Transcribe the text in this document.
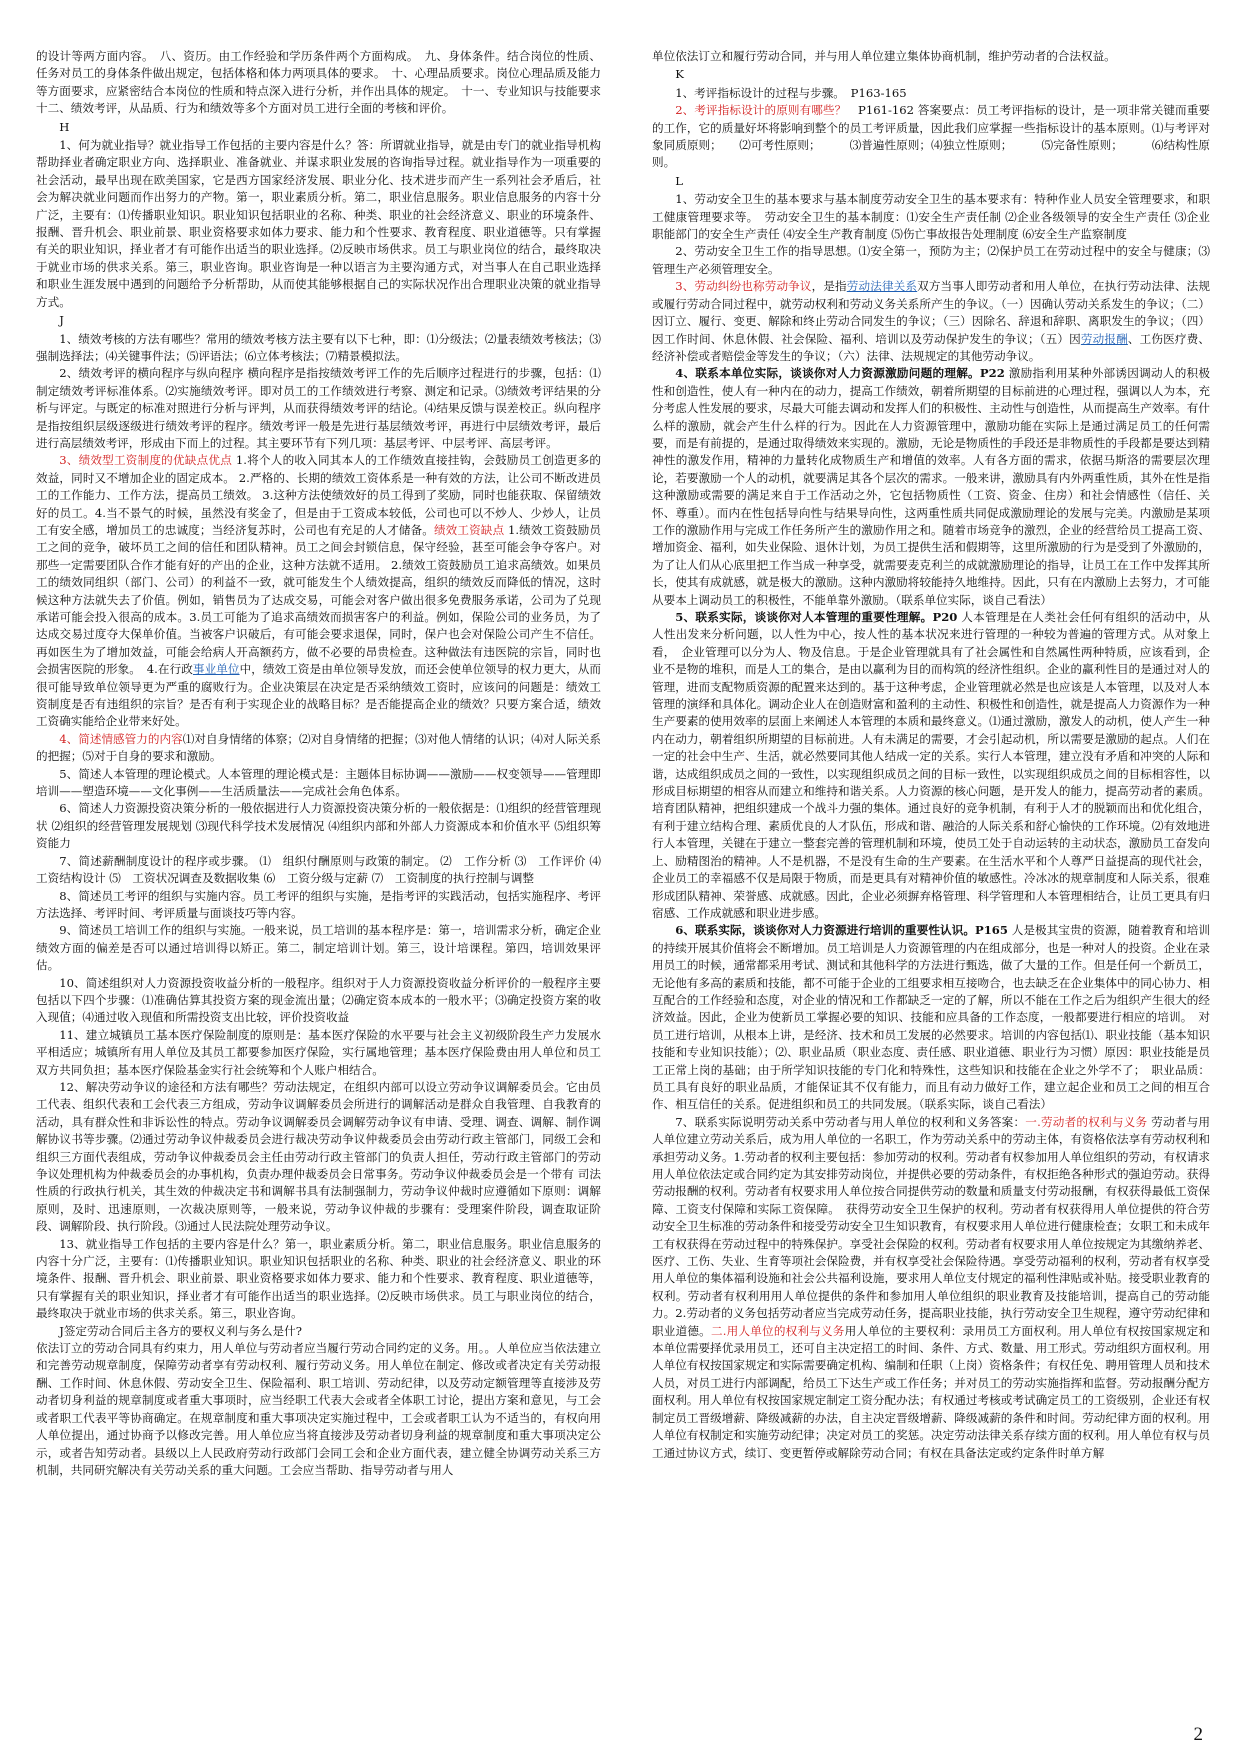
的设计等两方面内容。　八、资历。由工作经验和学历条件两个方面构成。　九、身体条件。结合岗位的性质、任务对员工的身体条件做出规定，包括体格和体力两项具体的要求。　十、心理品质要求。岗位心理品质及能力等方面要求，应紧密结合本岗位的性质和特点深入进行分析，并作出具体的规定。　十一、专业知识与技能要求　十二、绩效考评，从品质、行为和绩效等多个方面对员工进行全面的考核和评价。

H

1、何为就业指导？就业指导工作包括的主要内容是什么？答：所谓就业指导，就是由专门的就业指导机构帮助择业者确定职业方向、选择职业、准备就业、并谋求职业发展的咨询指导过程。就业指导作为一项重要的社会活动，最早出现在欧美国家，它是西方国家经济发展、职业分化、技术进步而产生一系列社会矛盾后，社会为解决就业问题而作出努力的产物。第一，职业素质分析。第二，职业信息服务。职业信息服务的内容十分广泛，主要有：⑴传播职业知识。职业知识包括职业的名称、种类、职业的社会经济意义、职业的环境条件、报酬、晋升机会、职业前景、职业资格要求如体力要求、能力和个性要求、教育程度、职业道德等。只有掌握有关的职业知识，择业者才有可能作出适当的职业选择。⑵反映市场供求。员工与职业岗位的结合，最终取决于就业市场的供求关系。第三，职业咨询。职业咨询是一种以语言为主要沟通方式，对当事人在自己职业选择和职业生涯发展中遇到的问题给予分析帮助，从而使其能够根据自己的实际状况作出合理职业决策的就业指导方式。

J

1、绩效考核的方法有哪些？常用的绩效考核方法主要有以下七种，即：⑴分级法；⑵量表绩效考核法；⑶强制选择法；⑷关键事件法；⑸评语法；⑹立体考核法；⑺精景模拟法。

2、绩效考评的横向程序与纵向程序 横向程序是指按绩效考评工作的先后顺序过程进行的步骤，包括：⑴制定绩效考评标准体系。⑵实施绩效考评。即对员工的工作绩效进行考察、测定和记录。⑶绩效考评结果的分析与评定。与既定的标准对照进行分析与评判，从而获得绩效考评的结论。⑷结果反馈与误差校正。纵向程序是指按组织层级逐级进行绩效考评的程序。绩效考评一般是先进行基层绩效考评，再进行中层绩效考评，最后进行高层绩效考评，形成由下而上的过程。其主要环节有下列几项：基层考评、中层考评、高层考评。

3、绩效型工资制度的优缺点优点 1.将个人的收入同其本人的工作绩效直接挂钩，会鼓励员工创造更多的效益，同时又不增加企业的固定成本。 2.严格的、长期的绩效工资体系是一种有效的方法，让公司不断改进员工的工作能力、工作方法，提高员工绩效。 3.这种方法使绩效好的员工得到了奖励，同时也能获取、保留绩效好的员工。4.当不景气的时候，虽然没有奖金了，但是由于工资成本较低，公司也可以不炒人、少炒人，让员工有安全感，增加员工的忠诚度；当经济复苏时，公司也有充足的人才储备。绩效工资缺点 1.绩效工资鼓励员工之间的竞争，破坏员工之间的信任和团队精神。员工之间会封锁信息，保守经验，甚至可能会争夺客户。对那些一定需要团队合作才能有好的产出的企业，这种方法就不适用。 2.绩效工资鼓励员工追求高绩效。如果员工的绩效同组织（部门、公司）的利益不一致，就可能发生个人绩效提高，组织的绩效反而降低的情况，这时候这种方法就失去了价值。例如，销售员为了达成交易，可能会对客户做出很多免费服务承诺，公司为了兑现承诺可能会投入很高的成本。3.员工可能为了追求高绩效而损害客户的利益。例如，保险公司的业务员，为了达成交易过度夺大保单价值。当被客户识破后，有可能会要求退保，同时，保户也会对保险公司产生不信任。再如医生为了增加效益，可能会给病人开高额药方，做不必要的昂贵检查。这种做法有违医院的宗旨，同时也会损害医院的形象。　4.在行政事业单位中，绩效工资是由单位领导发放，而还会使单位领导的权力更大，从而很可能导致单位领导更为严重的腐败行为。企业决策层在决定是否采纳绩效工资时，应该问的问题是：绩效工资制度是否有违组织的宗旨？是否有利于实现企业的战略目标？是否能提高企业的绩效？只要方案合适，绩效工资确实能给企业带来好处。

4、简述情感管力的内容⑴对自身情绪的体察；⑵对自身情绪的把握；⑶对他人情绪的认识；⑷对人际关系的把握；⑸对于自身的要求和激励。

5、简述人本管理的理论模式。人本管理的理论模式是：主题体目标协调——激励——权变领导——管理即培训——塑造环境——文化事例——生活质量法——完成社会角色体系。

6、简述人力资源投资决策分析的一般依据进行人力资源投资决策分析的一般依据是：⑴组织的经营管理现状 ⑵组织的经营管理发展规划 ⑶现代科学技术发展情况 ⑷组织内部和外部人力资源成本和价值水平 ⑸组织筹资能力

7、简述薪酬制度设计的程序或步骤。 ⑴　组织付酬原则与政策的制定。 ⑵　工作分析 ⑶　工作评价 ⑷　工资结构设计 ⑸　工资状况调查及数据收集 ⑹　工资分级与定薪 ⑺　工资制度的执行控制与调整

8、简述员工考评的组织与实施内容。员工考评的组织与实施，是指考评的实践活动，包括实施程序、考评方法选择、考评时间、考评质量与面谈技巧等内容。

9、简述员工培训工作的组织与实施。一般来说，员工培训的基本程序是：第一，培训需求分析，确定企业绩效方面的偏差是否可以通过培训得以矫正。第二，制定培训计划。第三，设计培课程。第四，培训效果评估。

10、简述组织对人力资源投资收益分析的一般程序。组织对于人力资源投资收益分析评价的一般程序主要包括以下四个步骤：⑴准确估算其投资方案的现金流出量；⑵确定资本成本的一般水平；⑶确定投资方案的收入现值；⑷通过收入现值和所需投资支出比较，评价投资收益

11、建立城镇员工基本医疗保险制度的原则是：基本医疗保险的水平要与社会主义初级阶段生产力发展水平相适应；城镇所有用人单位及其员工都要参加医疗保险，实行属地管理；基本医疗保险费由用人单位和员工双方共同负担；基本医疗保险基金实行社会统筹和个人账户相结合。

12、解决劳动争议的途径和方法有哪些？劳动法规定，在组织内部可以设立劳动争议调解委员会。它由员工代表、组织代表和工会代表三方组成，劳动争议调解委员会所进行的调解活动是群众自我管理、自我教育的活动，具有群众性和非诉讼性的特点。劳动争议调解委员会调解劳动争议有申请、受理、调查、调解、制作调解协议书等步骤。⑵通过劳动争议仲裁委员会进行裁决劳动争议仲裁委员会由劳动行政主管部门，同级工会和组织三方面代表组成，劳动争议仲裁委员会主任由劳动行政主管部门的负责人担任，劳动行政主管部门的劳动争议处理机构为仲裁委员会的办事机构，负责办理仲裁委员会日常事务。劳动争议仲裁委员会是一个带有 司法性质的行政执行机关，其生效的仲裁决定书和调解书具有法制强制力，劳动争议仲裁时应遵循如下原则：调解原则，及时、迅速原则，一次裁决原则等，一般来说，劳动争议仲裁的步骤有：受理案件阶段，调查取证阶段、调解阶段、执行阶段。⑶通过人民法院处理劳动争议。

13、就业指导工作包括的主要内容是什么？第一，职业素质分析。第二，职业信息服务。职业信息服务的内容十分广泛，主要有：⑴传播职业知识。职业知识包括职业的名称、种类、职业的社会经济意义、职业的环境条件、报酬、晋升机会、职业前景、职业资格要求如体力要求、能力和个性要求、教育程度、职业道德等，只有掌握有关的职业知识，择业者才有可能作出适当的职业选择。⑵反映市场供求。员工与职业岗位的结合，最终取决于就业市场的供求关系。第三，职业咨询。

J签定劳动合同后主各方的要权义利与务么是什?

依法订立的劳动合同具有约束力，用人单位与劳动者应当履行劳动合同约定的义务。用。。人单位应当依法建立和完善劳动规章制度，保障劳动者享有劳动权利、履行劳动义务。用人单位在制定、修改或者决定有关劳动报酬、工作时间、休息休假、劳动安全卫生、保险福利、职工培训、劳动纪律，以及劳动定额管理等直接涉及劳动者切身利益的规章制度或者重大事项时，应当经职工代表大会或者全体职工讨论，提出方案和意见，与工会或者职工代表平等协商确定。在规章制度和重大事项决定实施过程中，工会或者职工认为不适当的，有权向用人单位提出，通过协商予以修改完善。用人单位应当将直接涉及劳动者切身利益的规章制度和重大事项决定公示，或者告知劳动者。县级以上人民政府劳动行政部门会同工会和企业方面代表，建立健全协调劳动关系三方机制，共同研究解决有关劳动关系的重大问题。工会应当帮助、指导劳动者与用人

单位依法订立和履行劳动合同，并与用人单位建立集体协商机制，维护劳动者的合法权益。

K

1、考评指标设计的过程与步骤。　P163-165

2、考评指标设计的原则有哪些？　P161-162 答案要点：员工考评指标的设计，是一项非常关键而重要的工作，它的质量好坏将影响到整个的员工考评质量，因此我们应掌握一些指标设计的基本原则。⑴与考评对象同质原则；　　⑵可考性原则；　　　⑶普遍性原则；⑷独立性原则；　　　⑸完备性原则；　　　⑹结构性原则。

L

1、劳动安全卫生的基本要求与基本制度劳动安全卫生的基本要求有：特种作业人员安全管理要求，和职工健康管理要求等。　劳动安全卫生的基本制度：⑴安全生产责任制 ⑵企业各级领导的安全生产责任 ⑶企业职能部门的安全生产责任 ⑷安全生产教育制度 ⑸伤亡事故报告处理制度 ⑹安全生产监察制度

2、劳动安全卫生工作的指导思想。⑴安全第一，预防为主；⑵保护员工在劳动过程中的安全与健康；⑶管理生产必须管理安全。

3、劳动纠纷也称劳动争议，是指劳动法律关系双方当事人即劳动者和用人单位，在执行劳动法律、法规或履行劳动合同过程中，就劳动权利和劳动义务关系所产生的争议。（一）因确认劳动关系发生的争议；（二）因订立、履行、变更、解除和终止劳动合同发生的争议；（三）因除名、辞退和辞职、离职发生的争议；（四）因工作时间、休息休假、社会保险、福利、培训以及劳动保护发生的争议；（五）因劳动报酬、工伤医疗费、经济补偿或者赔偿金等发生的争议；（六）法律、法规规定的其他劳动争议。

4、联系本单位实际，谈谈你对人力资源激励问题的理解。P22 激励指利用某种外部诱因调动人的积极性和创造性，使人有一种内在的动力，提高工作绩效，朝着所期望的目标前进的心理过程，强调以人为本，充分考虑人性发展的要求，尽最大可能去调动和发挥人们的积极性、主动性与创造性，从而提高生产效率。有什么样的激励，就会产生什么样的行为。因此在人力资源管理中，激励功能在实际上是通过满足员工的任何需要，而是有前提的，是通过取得绩效来实现的。激励，无论是物质性的手段还是非物质性的手段都是要达到精神性的激发作用，精神的力量转化成物质生产和增值的效率。人有各方面的需求，依据马斯洛的需要层次理论，若要激励一个人的动机，就要满足其各个层次的需求。一般来讲，激励具有内外两重性质，其外在性是指这种激励或需要的满足来自于工作活动之外，它包括物质性（工资、资金、住房）和社会情感性（信任、关怀、尊重）。而内在性包括导向性与结果导向性，这两重性质共同促成激励理论的发展与完美。内激励是某项工作的激励作用与完成工作任务所产生的激励作用之和。随着市场竞争的激烈，企业的经营给员工提高工资、增加资金、福利，如失业保险、退休计划，为员工提供生活和假期等，这里所激励的行为是受到了外激励的，为了让人们从心底里把工作当成一种享受，就需要麦克利兰的成就激励理论的指导，让员工在工作中发挥其所长，使其有成就感，就是极大的激励。这种内激励将较能持久地维持。因此，只有在内激励上去努力，才可能从要本上调动员工的积极性，不能单靠外激励。（联系单位实际，谈自己看法）

5、联系实际，谈谈你对人本管理的重要性理解。P20 人本管理是在人类社会任何有组织的活动中，从人性出发来分析问题，以人性为中心，按人性的基本状况来进行管理的一种较为普遍的管理方式。从对象上看，　企业管理可以分为人、物及信息。于是企业管理就具有了社会属性和自然属性两种特质，应该看到，企业不是物的堆积，而是人工的集合，是由以赢利为目的而构筑的经济性组织。企业的赢利性目的是通过对人的管理，进而支配物质资源的配置来达到的。基于这种考虑，企业管理就必然是也应该是人本管理，以及对人本管理的演绎和具体化。调动企业人在创造财富和盈利的主动性、积极性和创造性，就是提高人力资源作为一种生产要素的使用效率的层面上来阐述人本管理的本质和最终意义。⑴通过激励，激发人的动机，使人产生一种内在动力，朝着组织所期望的目标前进。人有未满足的需要，才会引起动机，所以需要是激励的起点。人们在一定的社会中生产、生活，就必然要同其他人结成一定的关系。实行人本管理，建立没有矛盾和冲突的人际和谐，达成组织成员之间的一致性，以实现组织成员之间的目标一致性，以实现组织成员之间的目标相容性，以形成目标期望的相容从而建立和维持和谐关系。人力资源的核心问题，是开发人的能力，提高劳动者的素质。培育团队精神，把组织建成一个战斗力强的集体。通过良好的竞争机制，有利于人才的脱颖而出和优化组合，有利于建立结构合理、素质优良的人才队伍，形成和谐、融洽的人际关系和舒心愉快的工作环境。⑵有效地进行人本管理，关键在于建立一整套完善的管理机制和环境，使员工处于自动运转的主动状态，激励员工奋发向上、励精图治的精神。人不是机器，不是没有生命的生产要素。在生活水平和个人尊严日益提高的现代社会，企业员工的幸福感不仅是局限于物质，而是更具有对精神价值的敏感性。冷冰冰的规章制度和人际关系，很难形成团队精神、荣誉感、成就感。因此，企业必须摒弃格管理、科学管理和人本管理相结合，让员工更具有归宿感、工作成就感和职业进步感。

6、联系实际，谈谈你对人力资源进行培训的重要性认识。P165 人是极其宝贵的资源，随着教育和培训的持续开展其价值将会不断增加。员工培训是人力资源管理的内在组成部分，也是一种对人的投资。企业在录用员工的时候，通常都采用考试、测试和其他科学的方法进行甄选，做了大量的工作。但是任何一个新员工，无论他有多高的素质和技能，都不可能于企业的工组要求相互接吻合，也去缺乏在企业集体中的同心协力、相互配合的工作经验和态度，对企业的情况和工作都缺乏一定的了解，所以不能在工作之后为组织产生很大的经济效益。因此，企业为使新员工掌握必要的知识、技能和应具备的工作态度，一般都要进行相应的培训。　对员工进行培训，从根本上讲，是经济、技术和员工发展的必然要求。培训的内容包括⑴、职业技能（基本知识技能和专业知识技能）；⑵、职业品质（职业态度、责任感、职业道德、职业行为习惯）原因：职业技能是员工正常上岗的基础；由于所学知识技能的专门化和特殊性，这些知识和技能在企业之外学不了；　职业品质：员工具有良好的职业品质，才能保证其不仅有能力，而且有动力做好工作，建立起企业和员工之间的相互合作、相互信任的关系。促进组织和员工的共同发展。（联系实际，谈自己看法）

7、联系实际说明劳动关系中劳动者与用人单位的权利和义务答案：一.劳动者的权利与义务 劳动者与用人单位建立劳动关系后，成为用人单位的一名职工，作为劳动关系中的劳动主体，有资格依法享有劳动权利和承担劳动义务。1.劳动者的权利主要包括：参加劳动的权利。劳动者有权参加用人单位组织的劳动，有权请求用人单位依法定或合同约定为其安排劳动岗位，并提供必要的劳动条件，有权拒绝各种形式的强迫劳动。获得劳动报酬的权利。劳动者有权要求用人单位按合同提供劳动的数量和质量支付劳动报酬，有权获得最低工资保障、工资支付保障和实际工资保障。　获得劳动安全卫生保护的权利。劳动者有权获得用人单位提供的符合劳动安全卫生标准的劳动条件和接受劳动安全卫生知识教育，有权要求用人单位进行健康检查；女职工和未成年工有权获得在劳动过程中的特殊保护。享受社会保险的权利。劳动者有权要求用人单位按规定为其缴纳养老、医疗、工伤、失业、生育等项社会保险费，并有权享受社会保险待遇。享受劳动福利的权利，劳动者有权享受用人单位的集体福利设施和社会公共福利设施，要求用人单位支付规定的福利性津贴或补贴。接受职业教育的权利。劳动者有权利用用人单位提供的条件和参加用人单位组织的职业教育及技能培训，提高自己的劳动能力。2.劳动者的义务包括劳动者应当完成劳动任务，提高职业技能，执行劳动安全卫生规程，遵守劳动纪律和职业道德。二.用人单位的权利与义务用人单位的主要权利：录用员工方面权利。用人单位有权按国家规定和本单位需要择优录用员工，还可自主决定招工的时间、条件、方式、数量、用工形式。劳动组织方面权利。用人单位有权按国家规定和实际需要确定机构、编制和任职（上岗）资格条件；有权任免、聘用管理人员和技术人员，对员工进行内部调配，给员工下达生产或工作任务；并对员工的劳动实施指挥和监督。劳动报酬分配方面权利。用人单位有权按国家规定制定工资分配办法；有权通过考核或考试确定员工的工资级别，企业还有权制定员工晋级增薪、降级减薪的办法，自主决定晋级增薪、降级减薪的条件和时间。劳动纪律方面的权利。用人单位有权制定和实施劳动纪律；决定对员工的奖惩。决定劳动法律关系存续方面的权利。用人单位有权与员工通过协议方式，续订、变更暂停或解除劳动合同；有权在具备法定或约定条件时单方解

2
